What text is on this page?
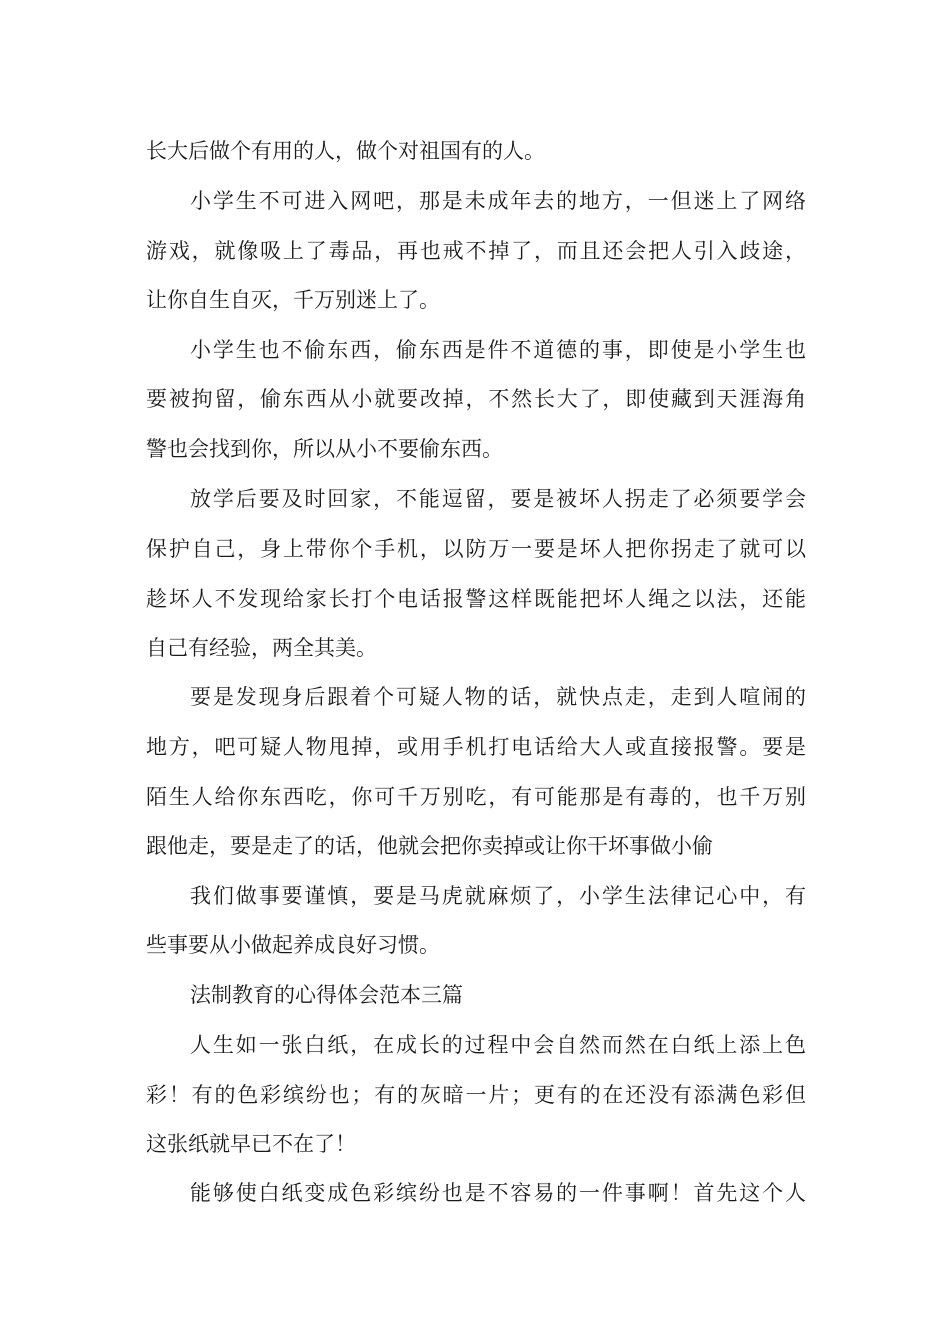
长大后做个有用的人，做个对祖国有的人。
小学生不可进入网吧，那是未成年去的地方，一但迷上了网络
游戏，就像吸上了毒品，再也戒不掉了，而且还会把人引入歧途，
让你自生自灭，千万别迷上了。
小学生也不偷东西，偷东西是件不道德的事，即使是小学生也
要被拘留，偷东西从小就要改掉，不然长大了，即使藏到天涯海角
警也会找到你，所以从小不要偷东西。
放学后要及时回家，不能逗留，要是被坏人拐走了必须要学会
保护自己，身上带你个手机，以防万一要是坏人把你拐走了就可以
趁坏人不发现给家长打个电话报警这样既能把坏人绳之以法，还能
自己有经验，两全其美。
要是发现身后跟着个可疑人物的话，就快点走，走到人喧闹的
地方，吧可疑人物甩掉，或用手机打电话给大人或直接报警。要是
陌生人给你东西吃，你可千万别吃，有可能那是有毒的，也千万别
跟他走，要是走了的话，他就会把你卖掉或让你干坏事做小偷
我们做事要谨慎，要是马虎就麻烦了，小学生法律记心中，有
些事要从小做起养成良好习惯。
法制教育的心得体会范本三篇
人生如一张白纸，在成长的过程中会自然而然在白纸上添上色
彩！有的色彩缤纷也；有的灰暗一片；更有的在还没有添满色彩但
这张纸就早已不在了！
能够使白纸变成色彩缤纷也是不容易的一件事啊！首先这个人
